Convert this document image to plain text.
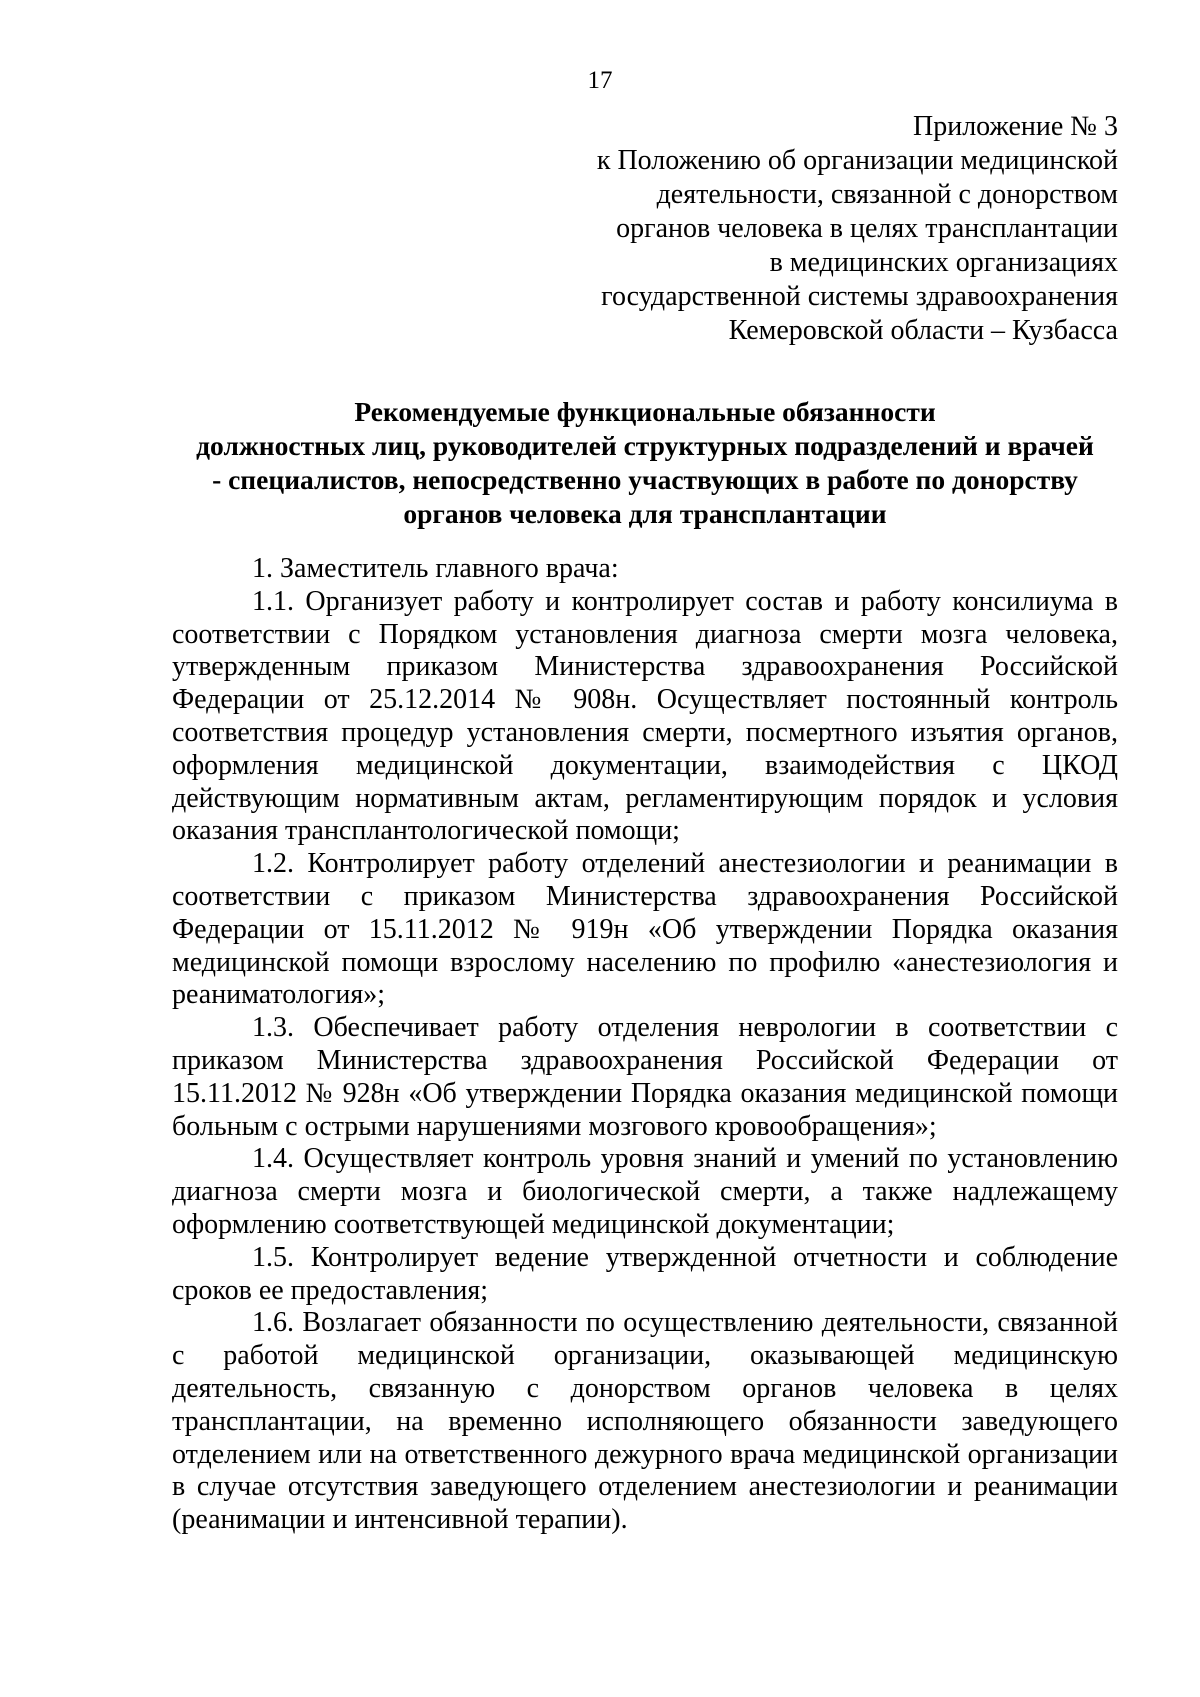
17
Приложение № 3
к Положению об организации медицинской
деятельности, связанной с донорством
органов человека в целях трансплантации
в медицинских организациях
государственной системы здравоохранения
Кемеровской области – Кузбасса
Рекомендуемые функциональные обязанности
должностных лиц, руководителей структурных подразделений и врачей
- специалистов, непосредственно участвующих в работе по донорству
органов человека для трансплантации

1. Заместитель главного врача:

1.1. Организует работу и контролирует состав и работу консилиума в соответствии с Порядком установления диагноза смерти мозга человека, утвержденным приказом Министерства здравоохранения Российской Федерации от 25.12.2014 № 908н. Осуществляет постоянный контроль соответствия процедур установления смерти, посмертного изъятия органов, оформления медицинской документации, взаимодействия с ЦКОД действующим нормативным актам, регламентирующим порядок и условия оказания трансплантологической помощи;

1.2. Контролирует работу отделений анестезиологии и реанимации в соответствии с приказом Министерства здравоохранения Российской Федерации от 15.11.2012 № 919н «Об утверждении Порядка оказания медицинской помощи взрослому населению по профилю «анестезиология и реаниматология»;

1.3. Обеспечивает работу отделения неврологии в соответствии с приказом Министерства здравоохранения Российской Федерации от 15.11.2012 № 928н «Об утверждении Порядка оказания медицинской помощи больным с острыми нарушениями мозгового кровообращения»;

1.4. Осуществляет контроль уровня знаний и умений по установлению диагноза смерти мозга и биологической смерти, а также надлежащему оформлению соответствующей медицинской документации;

1.5. Контролирует ведение утвержденной отчетности и соблюдение сроков ее предоставления;

1.6. Возлагает обязанности по осуществлению деятельности, связанной с работой медицинской организации, оказывающей медицинскую деятельность, связанную с донорством органов человека в целях трансплантации, на временно исполняющего обязанности заведующего отделением или на ответственного дежурного врача медицинской организации в случае отсутствия заведующего отделением анестезиологии и реанимации (реанимации и интенсивной терапии).
